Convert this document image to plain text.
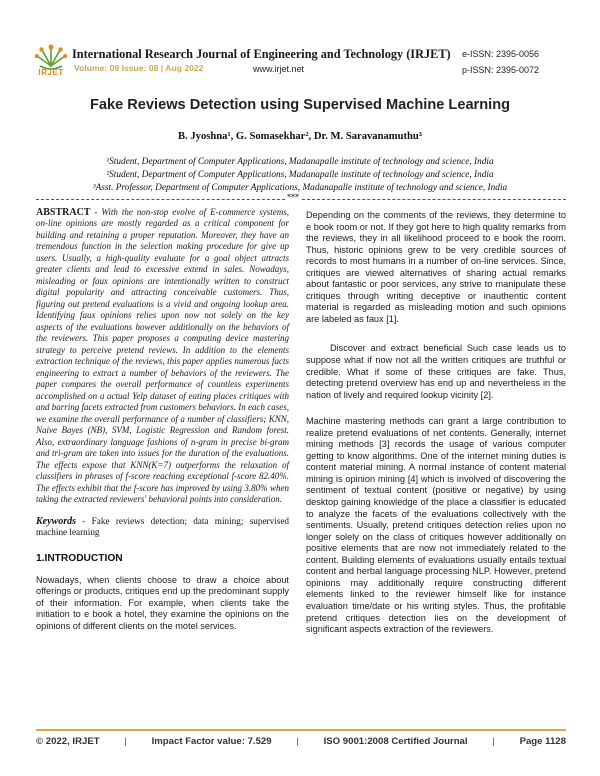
IRJET
International Research Journal of Engineering and Technology (IRJET)
Volume: 09 Issue: 08 | Aug 2022	www.irjet.net
e-ISSN: 2395-0056
p-ISSN: 2395-0072
Fake Reviews Detection using Supervised Machine Learning
B. Jyoshna¹, G. Somasekhar², Dr. M. Saravanamuthu³
¹Student, Department of Computer Applications, Madanapalle institute of technology and science, India
²Student, Department of Computer Applications, Madanapalle institute of technology and science, India
³Asst. Professor, Department of Computer Applications, Madanapalle institute of technology and science, India
***

ABSTRACT - With the non-stop evolve of E-commerce systems, on-line opinions are mostly regarded as a critical component for building and retaining a proper reputation. Moreover, they have an tremendous function in the selection making procedure for give up users. Usually, a high-quality evaluate for a goal object attracts greater clients and lead to excessive extend in sales. Nowadays, misleading or faux opinions are intentionally written to construct digital popularity and attracting conceivable customers. Thus, figuring out pretend evaluations is a vivid and ongoing lookup area. Identifying faux opinions relies upon now not solely on the key aspects of the evaluations however additionally on the behaviors of the reviewers. This paper proposes a computing device mastering strategy to perceive pretend reviews. In addition to the elements extraction technique of the reviews, this paper applies numerous facts engineering to extract a number of behaviors of the reviewers. The paper compares the overall performance of countless experiments accomplished on a actual Yelp dataset of eating places critiques with and barring facets extracted from customers behaviors. In each cases, we examine the overall performance of a number of classifiers; KNN, Naive Bayes (NB), SVM, Logistic Regression and Random forest. Also, extraordinary language fashions of n-gram in precise bi-gram and tri-gram are taken into issues for the duration of the evaluations. The effects expose that KNN(K=7) outperforms the relaxation of classifiers in phrases of f-score reaching exceptional f-score 82.40%. The effects exhibit that the f-score has improved by using 3.80% when taking the extracted reviewers' behavioral points into consideration.

Keywords - Fake reviews detection; data mining; supervised machine learning

1.INTRODUCTION

Nowadays, when clients choose to draw a choice about offerings or products, critiques end up the predominant supply of their information. For example, when clients take the initiation to e book a hotel, they examine the opinions on the opinions of different clients on the motel services.

Depending on the comments of the reviews, they determine to e book room or not. If they got here to high quality remarks from the reviews, they in all likelihood proceed to e book the room. Thus, historic opinions grew to be very credible sources of records to most humans in a number of on-line services. Since, critiques are viewed alternatives of sharing actual remarks about fantastic or poor services, any strive to manipulate these critiques through writing deceptive or inauthentic content material is regarded as misleading motion and such opinions are labeled as faux [1].

Discover and extract beneficial Such case leads us to suppose what if now not all the written critiques are truthful or credible. What if some of these critiques are fake. Thus, detecting pretend overview has end up and nevertheless in the nation of lively and required lookup vicinity [2].

Machine mastering methods can grant a large contribution to realize pretend evaluations of net contents. Generally, internet mining methods [3] records the usage of various computer getting to know algorithms. One of the internet mining duties is content material mining. A normal instance of content material mining is opinion mining [4] which is involved of discovering the sentiment of textual content (positive or negative) by using desktop gaining knowledge of the place a classifier is educated to analyze the facets of the evaluations collectively with the sentiments. Usually, pretend critiques detection relies upon no longer solely on the class of critiques however additionally on positive elements that are now not immediately related to the content. Building elements of evaluations usually entails textual content and herbal language processing NLP. However, pretend opinions may additionally require constructing different elements linked to the reviewer himself like for instance evaluation time/date or his writing styles. Thus, the profitable pretend critiques detection lies on the development of significant aspects extraction of the reviewers.

© 2022, IRJET	|	Impact Factor value: 7.529	|	ISO 9001:2008 Certified Journal	|	Page 1128
